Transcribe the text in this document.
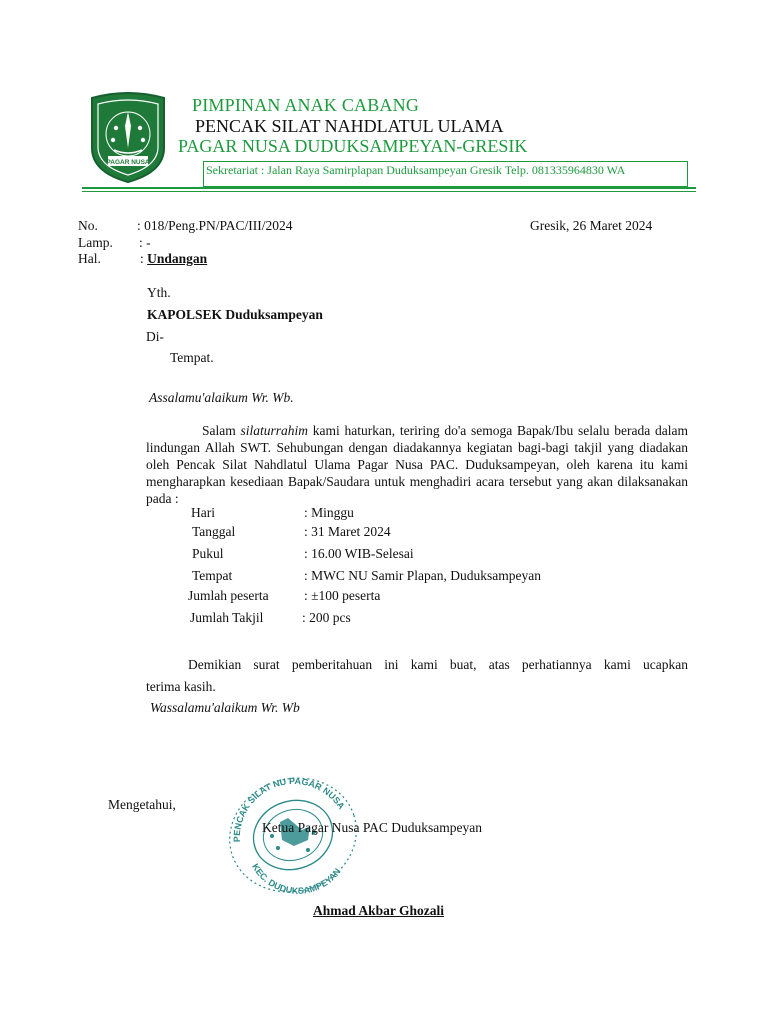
PAGAR NUSA
PIMPINAN ANAK CABANG
PENCAK SILAT NAHDLATUL ULAMA
PAGAR NUSA DUDUKSAMPEYAN-GRESIK
Sekretariat : Jalan Raya Samirplapan Duduksampeyan Gresik Telp. 081335964830 WA
No.	: 018/Peng.PN/PAC/III/2024	Gresik, 26 Maret 2024
Lamp. : -
Hal.	: Undangan
Yth.
KAPOLSEK Duduksampeyan
Di-
Tempat.
Assalamu'alaikum Wr. Wb.
Salam silaturrahim kami haturkan, teriring do'a semoga Bapak/Ibu selalu berada dalam lindungan Allah SWT. Sehubungan dengan diadakannya kegiatan bagi-bagi takjil yang diadakan oleh Pencak Silat Nahdlatul Ulama Pagar Nusa PAC. Duduksampeyan, oleh karena itu kami mengharapkan kesediaan Bapak/Saudara untuk menghadiri acara tersebut yang akan dilaksanakan pada :
Hari	: Minggu
Tanggal	: 31 Maret 2024
Pukul	: 16.00 WIB-Selesai
Tempat	: MWC NU Samir Plapan, Duduksampeyan
Jumlah peserta	: ±100 peserta
Jumlah Takjil	: 200 pcs
Demikian surat pemberitahuan ini kami buat, atas perhatiannya kami ucapkan
terima kasih.
Wassalamu'alaikum Wr. Wb
Mengetahui,
PENCAK SILAT NU PAGAR NUSA
KEC. DUDUKSAMPEYAN
Ketua Pagar Nusa PAC Duduksampeyan
Ahmad Akbar Ghozali
